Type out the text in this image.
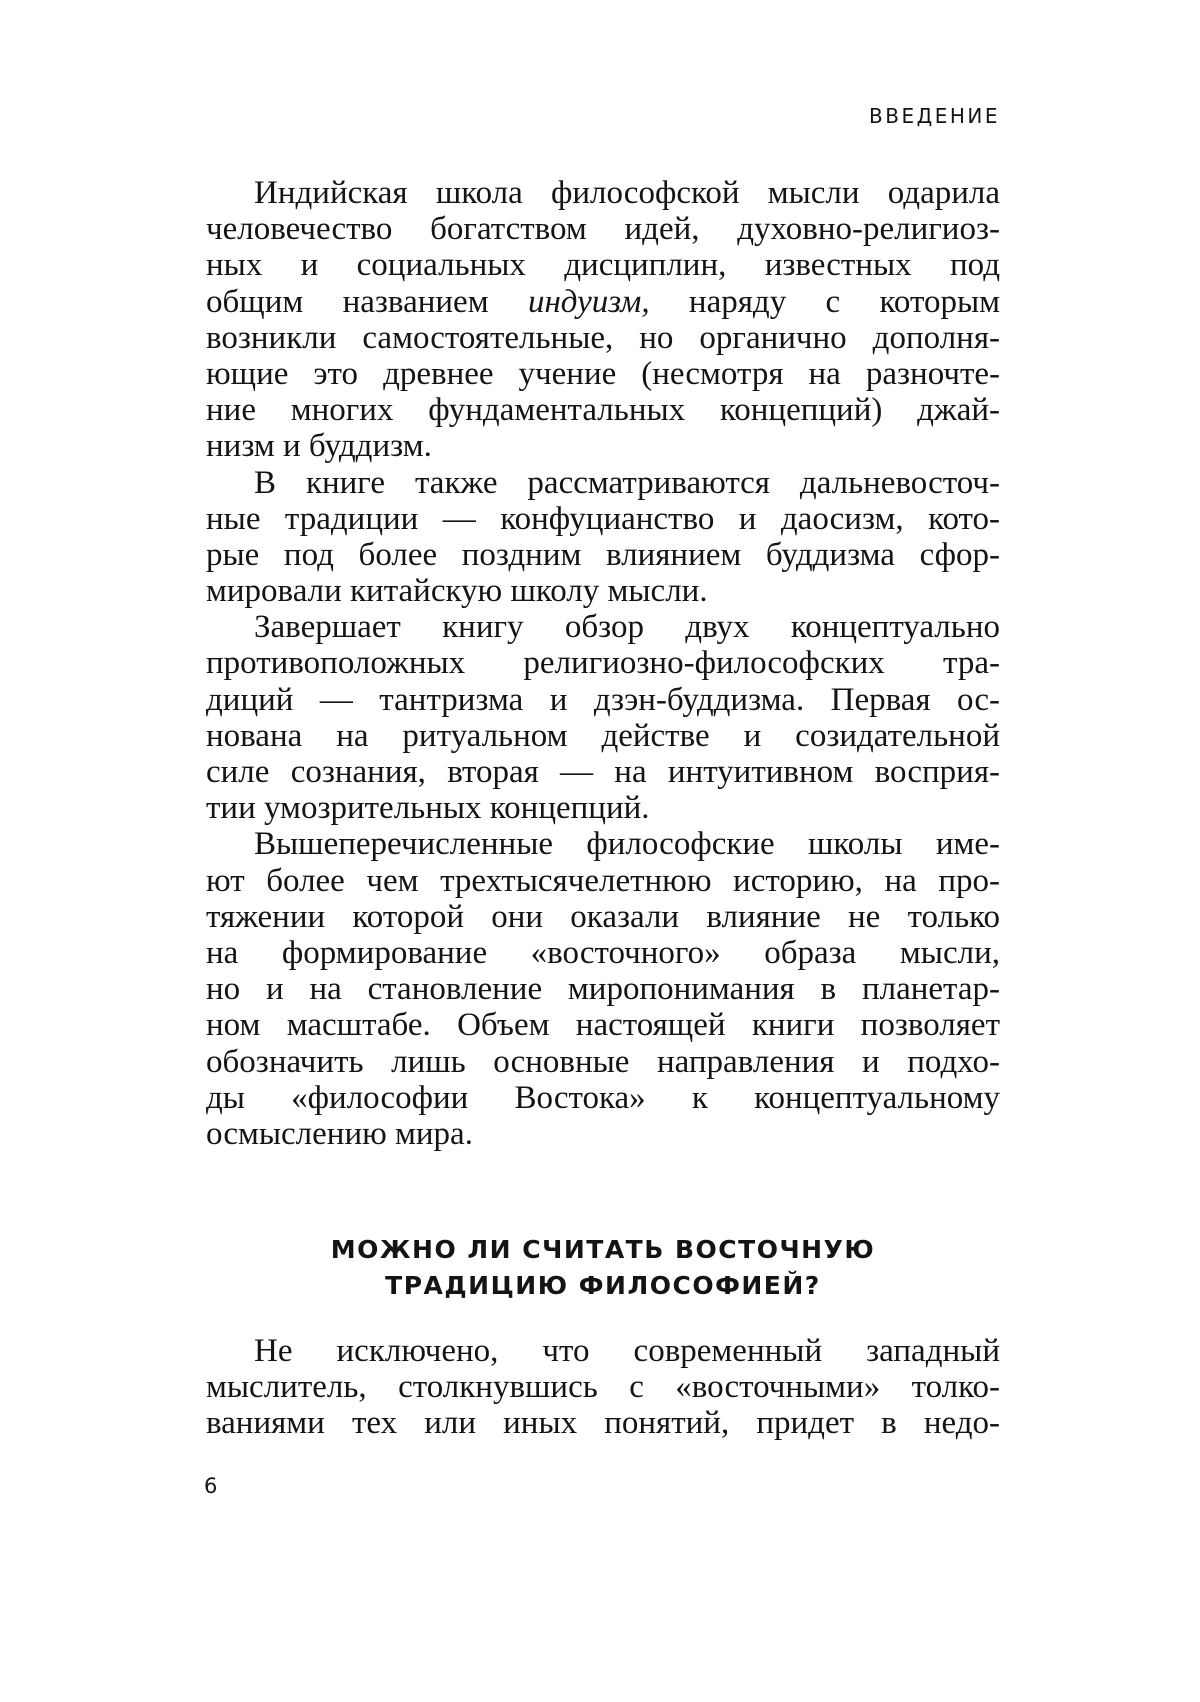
ВВЕДЕНИЕ
Индийская школа философской мысли одарила
человечество богатством идей, духовно-религиоз-
ных и социальных дисциплин, известных под
общим названием индуизм, наряду с которым
возникли самостоятельные, но органично дополня-
ющие это древнее учение (несмотря на разночте-
ние многих фундаментальных концепций) джай-
низм и буддизм.
В книге также рассматриваются дальневосточ-
ные традиции — конфуцианство и даосизм, кото-
рые под более поздним влиянием буддизма сфор-
мировали китайскую школу мысли.
Завершает книгу обзор двух концептуально
противоположных религиозно-философских тра-
диций — тантризма и дзэн-буддизма. Первая ос-
нована на ритуальном действе и созидательной
силе сознания, вторая — на интуитивном восприя-
тии умозрительных концепций.
Вышеперечисленные философские школы име-
ют более чем трехтысячелетнюю историю, на про-
тяжении которой они оказали влияние не только
на формирование «восточного» образа мысли,
но и на становление миропонимания в планетар-
ном масштабе. Объем настоящей книги позволяет
обозначить лишь основные направления и подхо-
ды «философии Востока» к концептуальному
осмыслению мира.
МОЖНО ЛИ СЧИТАТЬ ВОСТОЧНУЮ
ТРАДИЦИЮ ФИЛОСОФИЕЙ?
Не исключено, что современный западный
мыслитель, столкнувшись с «восточными» толко-
ваниями тех или иных понятий, придет в недо-
6
